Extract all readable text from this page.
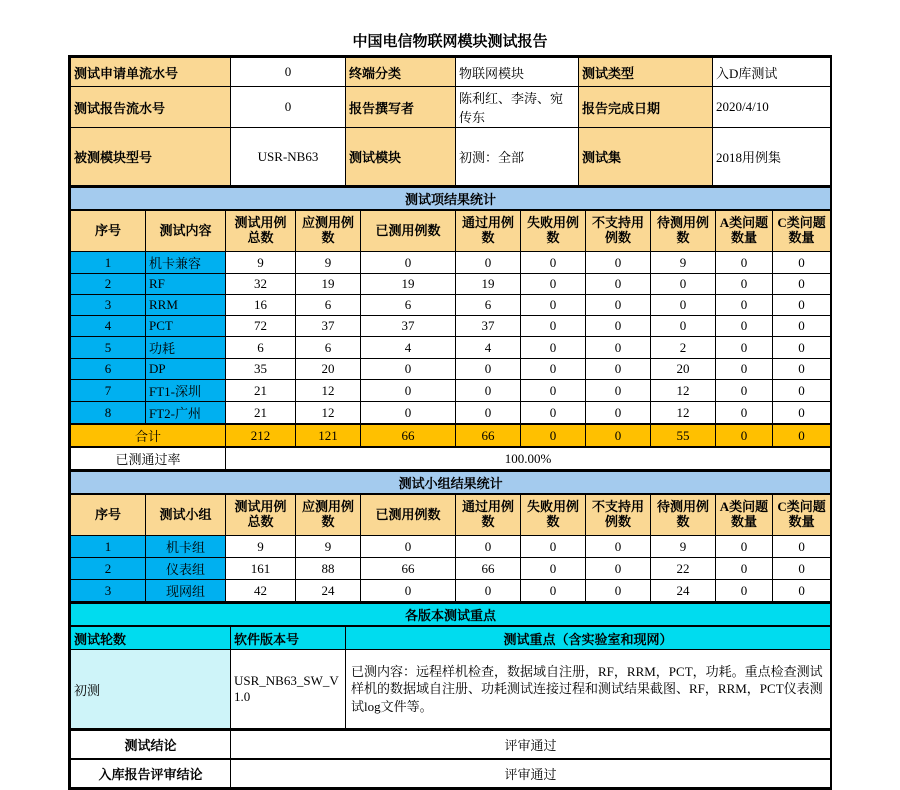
中国电信物联网模块测试报告
测试申请单流水号	0	终端分类	物联网模块	测试类型	入D库测试
测试报告流水号	0	报告撰写者	陈利红、李涛、宛传东	报告完成日期	2020/4/10
被测模块型号	USR-NB63	测试模块	初测：全部	测试集	2018用例集
测试项结果统计										
序号	测试内容	测试用例总数	应测用例数	已测用例数	通过用例数	失败用例数	不支持用例数	待测用例数	A类问题数量	C类问题数量
1	机卡兼容	9	9	0	0	0	0	9	0	0
2	RF	32	19	19	19	0	0	0	0	0
3	RRM	16	6	6	6	0	0	0	0	0
4	PCT	72	37	37	37	0	0	0	0	0
5	功耗	6	6	4	4	0	0	2	0	0
6	DP	35	20	0	0	0	0	20	0	0
7	FT1-深圳	21	12	0	0	0	0	12	0	0
8	FT2-广州	21	12	0	0	0	0	12	0	0
合计		212	121	66	66	0	0	55	0	0
已测通过率		100.00%								
测试小组结果统计										
序号	测试小组	测试用例总数	应测用例数	已测用例数	通过用例数	失败用例数	不支持用例数	待测用例数	A类问题数量	C类问题数量
1	机卡组	9	9	0	0	0	0	9	0	0
2	仪表组	161	88	66	66	0	0	22	0	0
3	现网组	42	24	0	0	0	0	24	0	0
各版本测试重点		
测试轮数	软件版本号	测试重点（含实验室和现网）
初测	USR_NB63_SW_V1.0	已测内容：远程样机检查，数据域自注册，RF，RRM，PCT，功耗。重点检查测试样机的数据域自注册、功耗测试连接过程和测试结果截图、RF，RRM，PCT仪表测试log文件等。
测试结论	评审通过
入库报告评审结论	评审通过
